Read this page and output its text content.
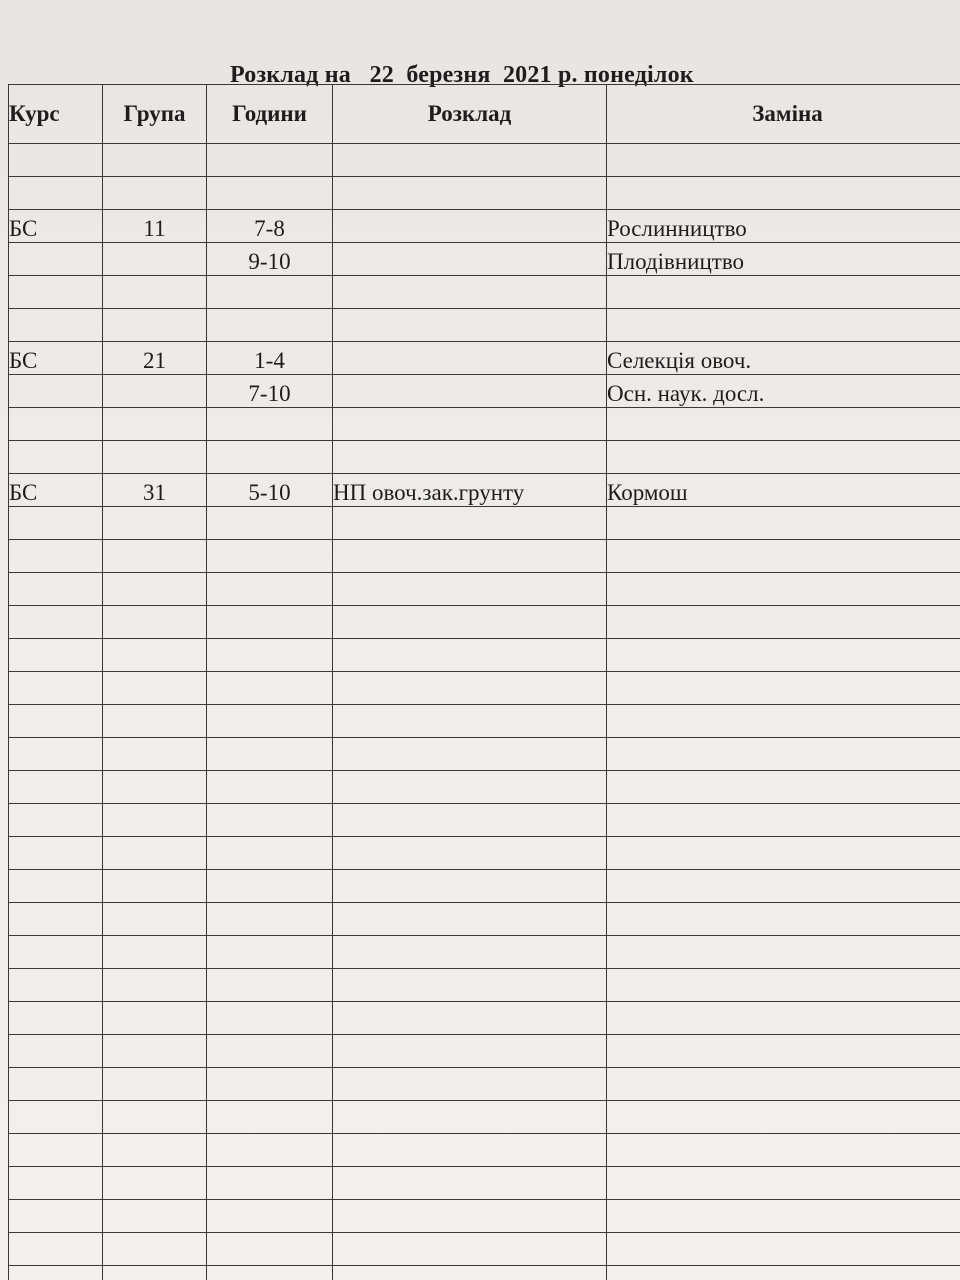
Розклад на   22  березня  2021 р. понеділок
Курс	Група	Години	Розклад	Заміна

БС	11	7-8		Рослинництво
		9-10		Плодівництво

БС	21	1-4		Селекція овоч.
		7-10		Осн. наук. досл.

БС	31	5-10	НП овоч.зак.грунту	Кормош
